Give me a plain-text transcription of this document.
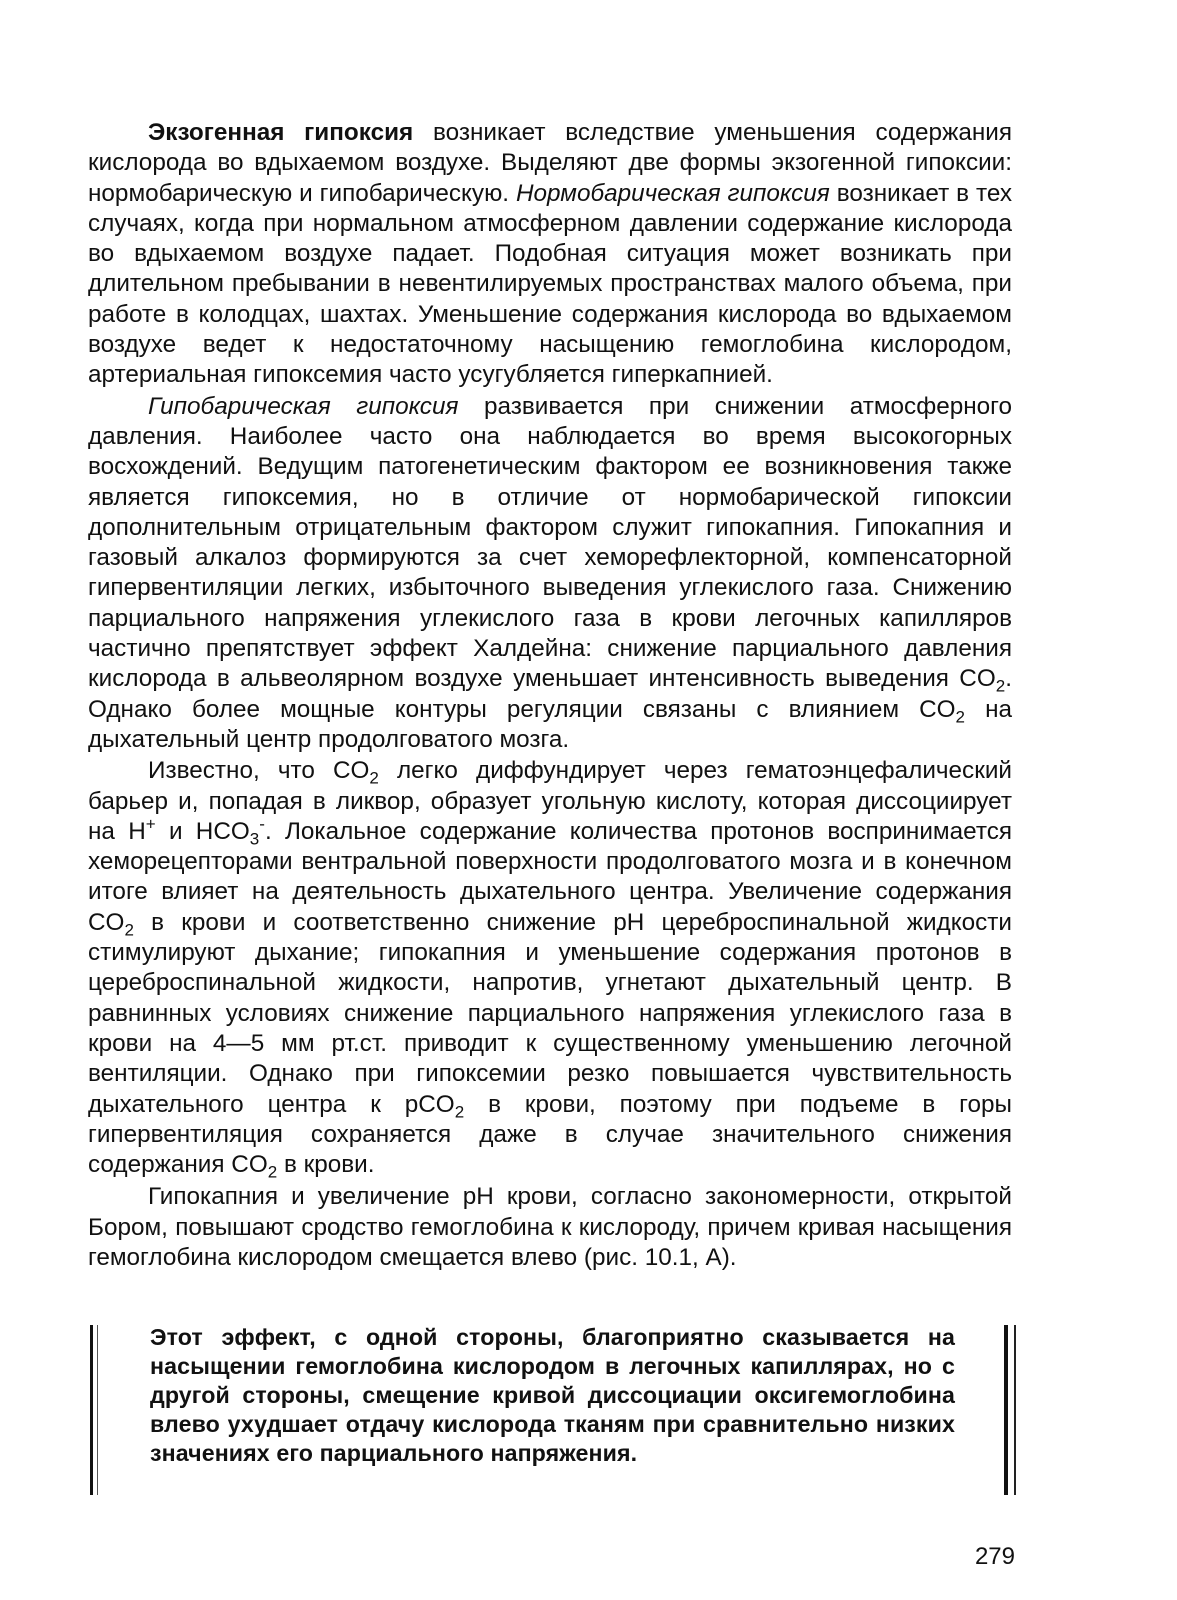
Экзогенная гипоксия возникает вследствие уменьшения содержания кислорода во вдыхаемом воздухе. Выделяют две формы экзогенной гипоксии: нормобарическую и гипобарическую. Нормобарическая гипоксия возникает в тех случаях, когда при нормальном атмосферном давлении содержание кислорода во вдыхаемом воздухе падает. Подобная ситуация может возникать при длительном пребывании в невентилируемых пространствах малого объема, при работе в колодцах, шахтах. Уменьшение содержания кислорода во вдыхаемом воздухе ведет к недостаточному насыщению гемоглобина кислородом, артериальная гипоксемия часто усугубляется гиперкапнией.

Гипобарическая гипоксия развивается при снижении атмосферного давления. Наиболее часто она наблюдается во время высокогорных восхождений. Ведущим патогенетическим фактором ее возникновения также является гипоксемия, но в отличие от нормобарической гипоксии дополнительным отрицательным фактором служит гипокапния. Гипокапния и газовый алкалоз формируются за счет хеморефлекторной, компенсаторной гипервентиляции легких, избыточного выведения углекислого газа. Снижению парциального напряжения углекислого газа в крови легочных капилляров частично препятствует эффект Халдейна: снижение парциального давления кислорода в альвеолярном воздухе уменьшает интенсивность выведения $CO_2$. Однако более мощные контуры регуляции связаны с влиянием $CO_2$ на дыхательный центр продолговатого мозга.

Известно, что $CO_2$ легко диффундирует через гематоэнцефалический барьер и, попадая в ликвор, образует угольную кислоту, которая диссоциирует на H+ и $HCO_3^-$. Локальное содержание количества протонов воспринимается хеморецепторами вентральной поверхности продолговатого мозга и в конечном итоге влияет на деятельность дыхательного центра. Увеличение содержания $CO_2$ в крови и соответственно снижение pH цереброспинальной жидкости стимулируют дыхание; гипокапния и уменьшение содержания протонов в цереброспинальной жидкости, напротив, угнетают дыхательный центр. В равнинных условиях снижение парциального напряжения углекислого газа в крови на 4—5 мм рт.ст. приводит к существенному уменьшению легочной вентиляции. Однако при гипоксемии резко повышается чувствительность дыхательного центра к pCO$_2$ в крови, поэтому при подъеме в горы гипервентиляция сохраняется даже в случае значительного снижения содержания $CO_2$ в крови.

Гипокапния и увеличение pH крови, согласно закономерности, открытой Бором, повышают сродство гемоглобина к кислороду, причем кривая насыщения гемоглобина кислородом смещается влево (рис. 10.1, А).

Этот эффект, с одной стороны, благоприятно сказывается на насыщении гемоглобина кислородом в легочных капиллярах, но с другой стороны, смещение кривой диссоциации оксигемоглобина влево ухудшает отдачу кислорода тканям при сравнительно низких значениях его парциального напряжения.
279
